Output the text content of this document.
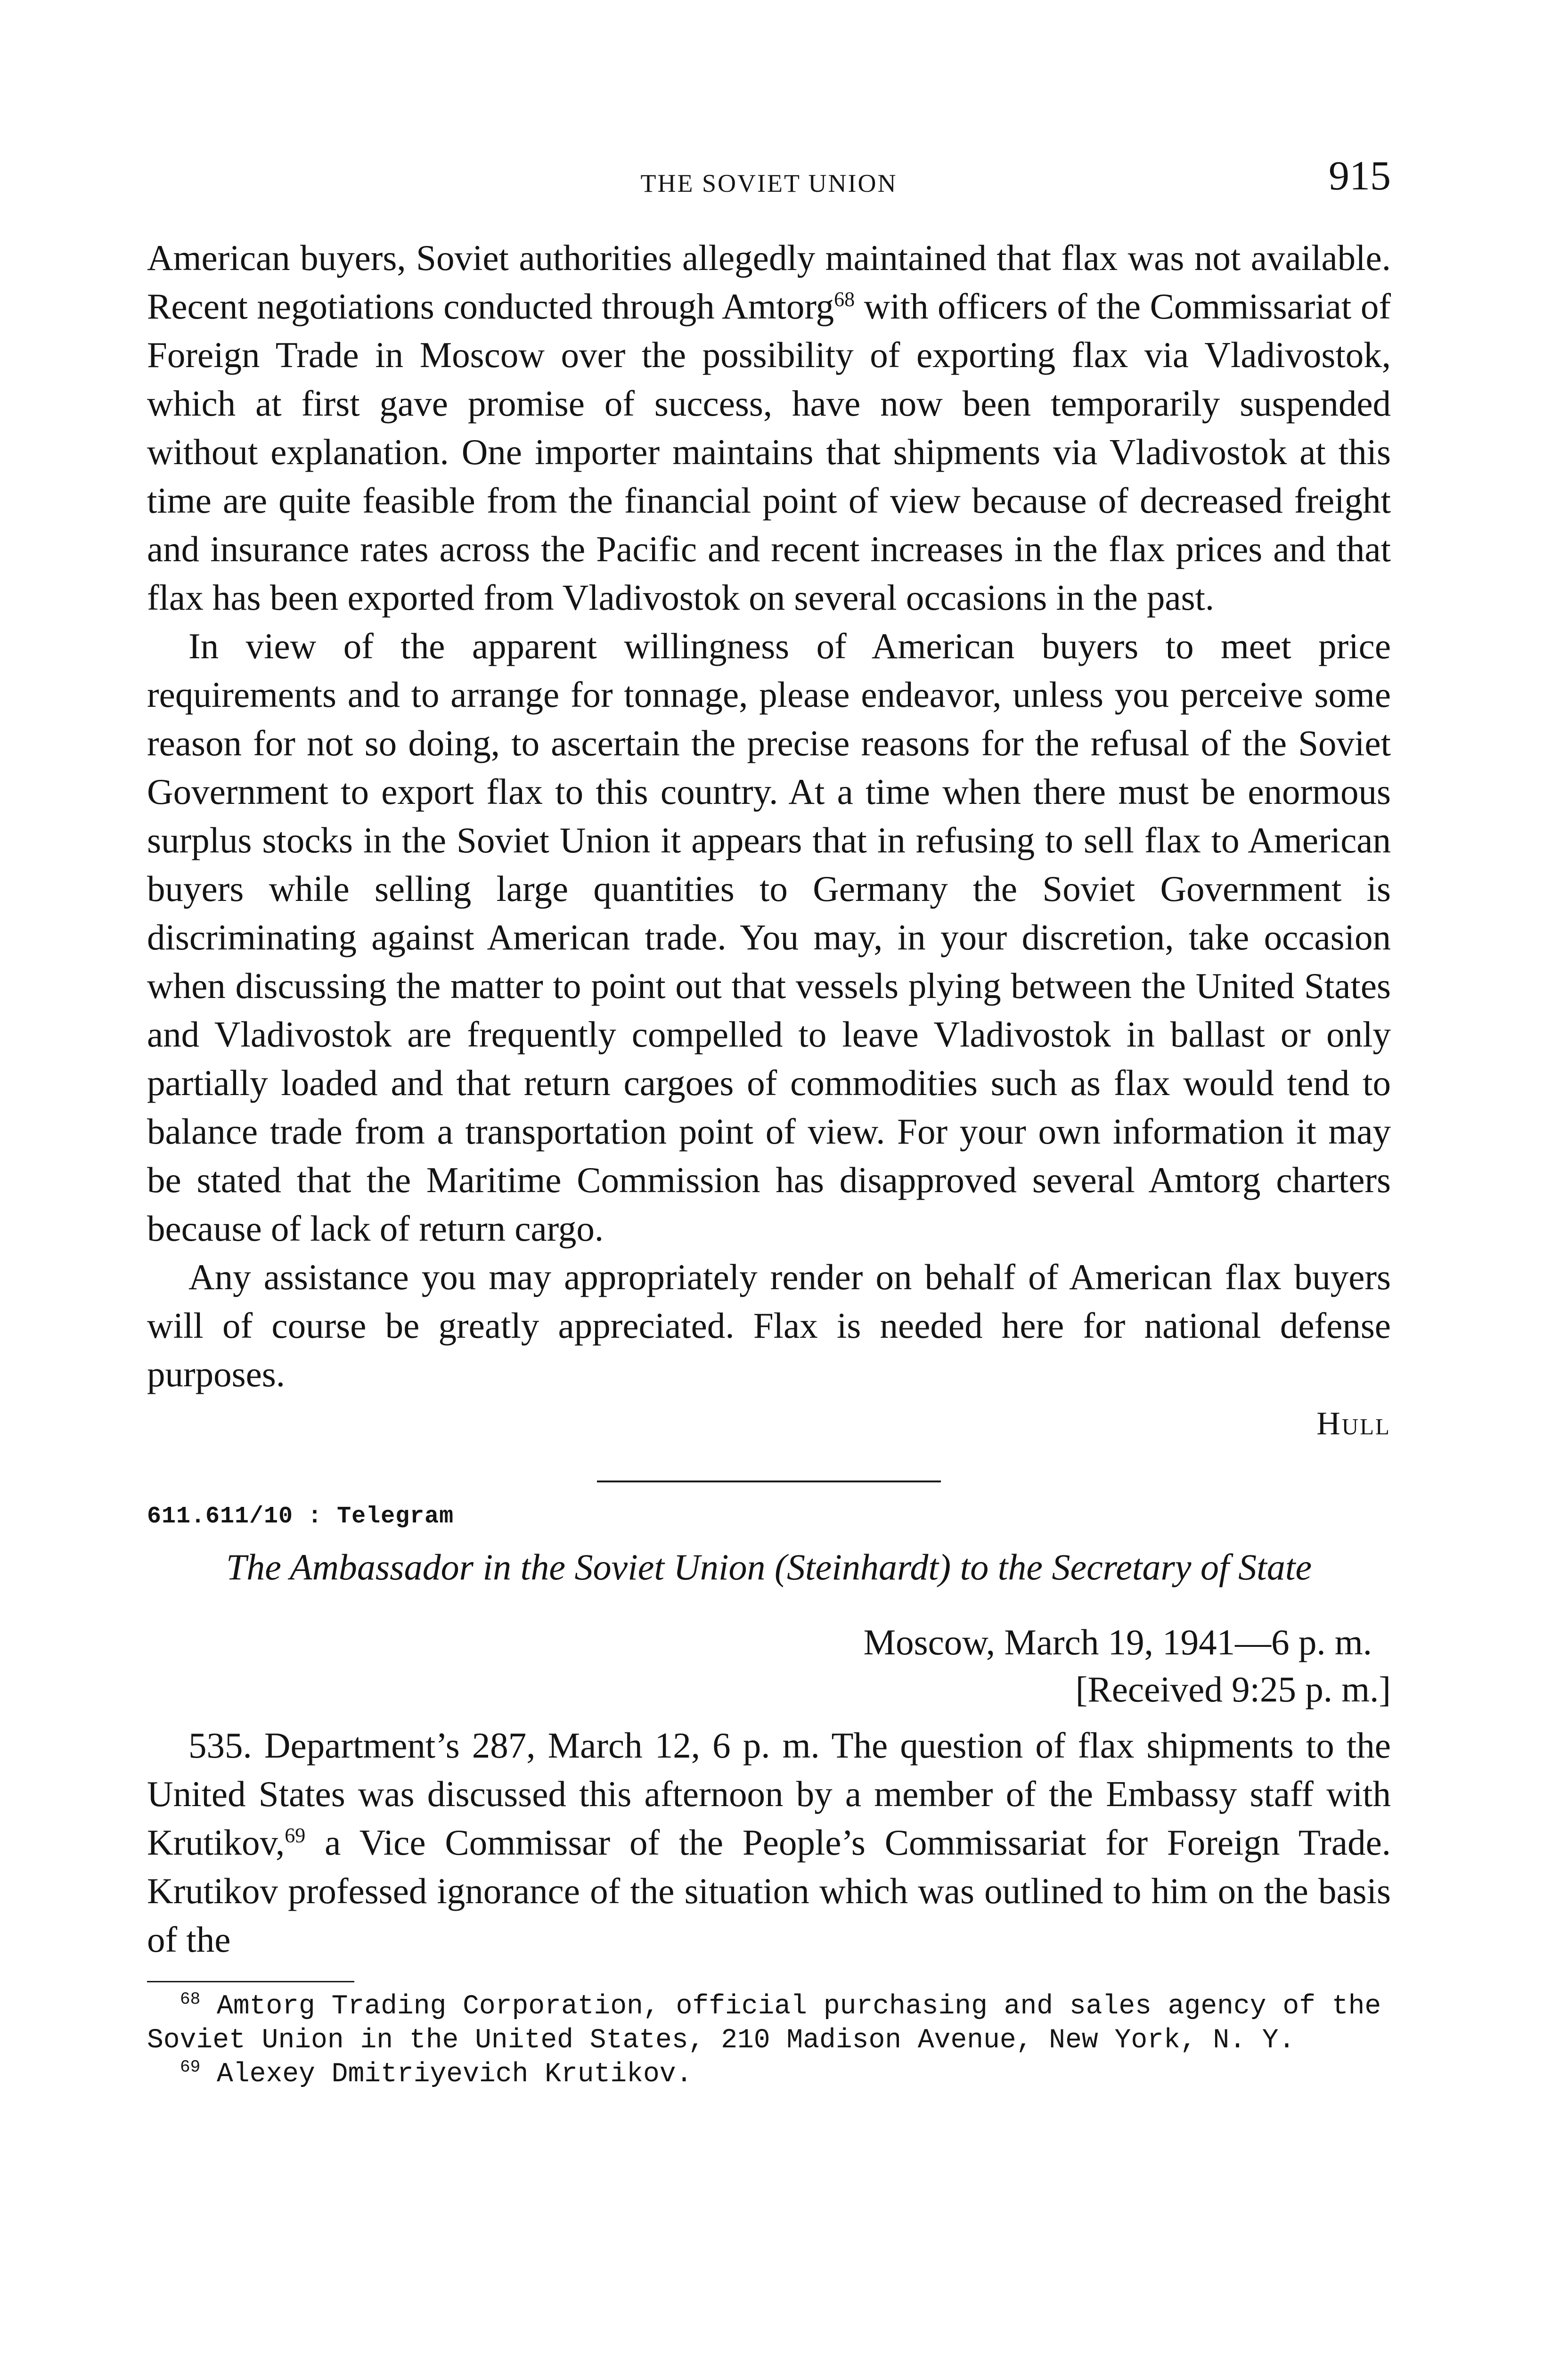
THE SOVIET UNION	915

American buyers, Soviet authorities allegedly maintained that flax was not available. Recent negotiations conducted through Amtorg$^{68}$ with officers of the Commissariat of Foreign Trade in Moscow over the possibility of exporting flax via Vladivostok, which at first gave promise of success, have now been temporarily suspended without explanation. One importer maintains that shipments via Vladivostok at this time are quite feasible from the financial point of view because of decreased freight and insurance rates across the Pacific and recent increases in the flax prices and that flax has been exported from Vladivostok on several occasions in the past.

In view of the apparent willingness of American buyers to meet price requirements and to arrange for tonnage, please endeavor, unless you perceive some reason for not so doing, to ascertain the precise reasons for the refusal of the Soviet Government to export flax to this country. At a time when there must be enormous surplus stocks in the Soviet Union it appears that in refusing to sell flax to American buyers while selling large quantities to Germany the Soviet Government is discriminating against American trade. You may, in your discretion, take occasion when discussing the matter to point out that vessels plying between the United States and Vladivostok are frequently compelled to leave Vladivostok in ballast or only partially loaded and that return cargoes of commodities such as flax would tend to balance trade from a transportation point of view. For your own information it may be stated that the Maritime Commission has disapproved several Amtorg charters because of lack of return cargo.

Any assistance you may appropriately render on behalf of American flax buyers will of course be greatly appreciated. Flax is needed here for national defense purposes.

Hull
611.611/10 : Telegram
The Ambassador in the Soviet Union (Steinhardt) to the Secretary of State
Moscow, March 19, 1941—6 p. m.
[Received 9:25 p. m.]

535. Department’s 287, March 12, 6 p. m. The question of flax shipments to the United States was discussed this afternoon by a member of the Embassy staff with Krutikov,$^{69}$ a Vice Commissar of the People’s Commissariat for Foreign Trade. Krutikov professed ignorance of the situation which was outlined to him on the basis of the

$^{68}$ Amtorg Trading Corporation, official purchasing and sales agency of the Soviet Union in the United States, 210 Madison Avenue, New York, N. Y.

$^{69}$ Alexey Dmitriyevich Krutikov.
